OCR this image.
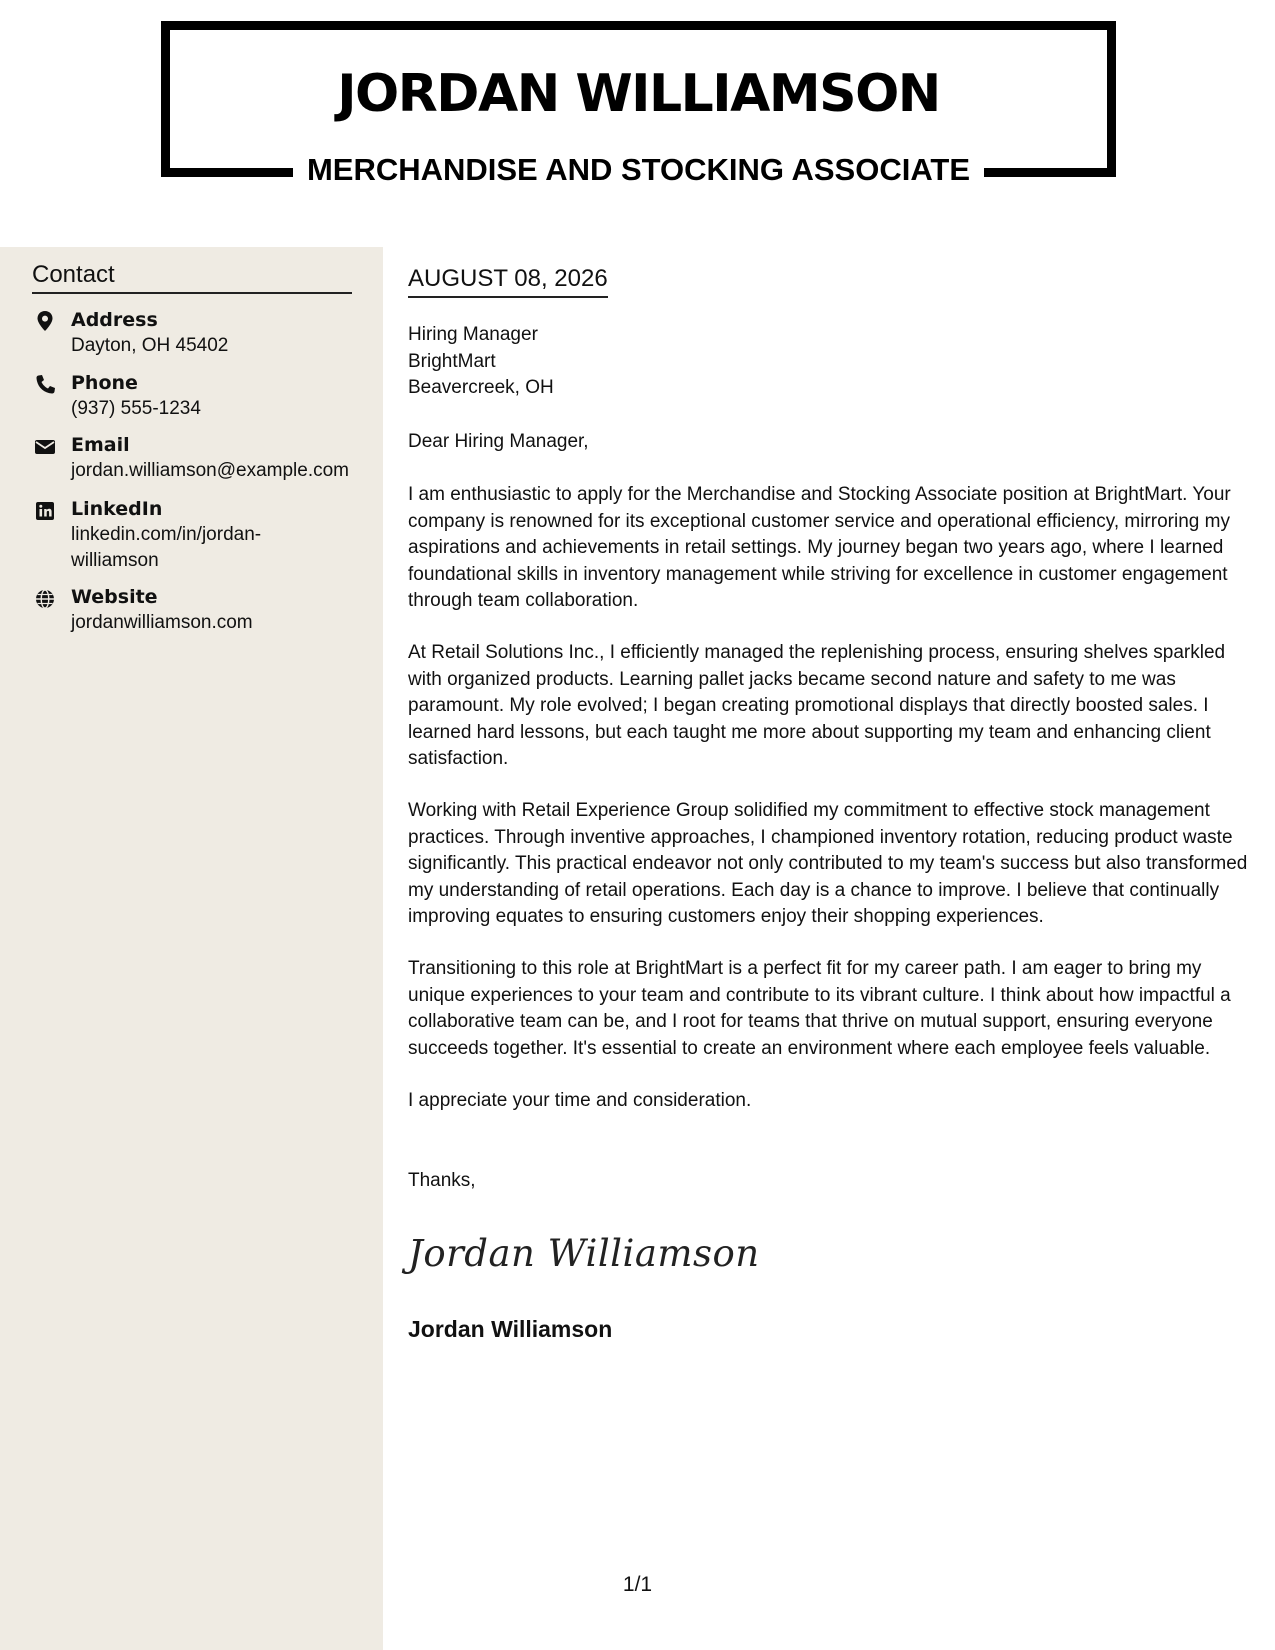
JORDAN WILLIAMSON
MERCHANDISE AND STOCKING ASSOCIATE
Contact
Address
Dayton, OH 45402
Phone
(937) 555-1234
Email
jordan.williamson@example.com
LinkedIn
linkedin.com/in/jordan-williamson
Website
jordanwilliamson.com
AUGUST 08, 2026
Hiring Manager
BrightMart
Beavercreek, OH
Dear Hiring Manager,

I am enthusiastic to apply for the Merchandise and Stocking Associate position at BrightMart. Your company is renowned for its exceptional customer service and operational efficiency, mirroring my aspirations and achievements in retail settings. My journey began two years ago, where I learned foundational skills in inventory management while striving for excellence in customer engagement through team collaboration.

At Retail Solutions Inc., I efficiently managed the replenishing process, ensuring shelves sparkled with organized products. Learning pallet jacks became second nature and safety to me was paramount. My role evolved; I began creating promotional displays that directly boosted sales. I learned hard lessons, but each taught me more about supporting my team and enhancing client satisfaction.

Working with Retail Experience Group solidified my commitment to effective stock management practices. Through inventive approaches, I championed inventory rotation, reducing product waste significantly. This practical endeavor not only contributed to my team's success but also transformed my understanding of retail operations. Each day is a chance to improve. I believe that continually improving equates to ensuring customers enjoy their shopping experiences.

Transitioning to this role at BrightMart is a perfect fit for my career path. I am eager to bring my unique experiences to your team and contribute to its vibrant culture. I think about how impactful a collaborative team can be, and I root for teams that thrive on mutual support, ensuring everyone succeeds together. It's essential to create an environment where each employee feels valuable.

I appreciate your time and consideration.

Thanks,
Jordan Williamson
Jordan Williamson
1/1
